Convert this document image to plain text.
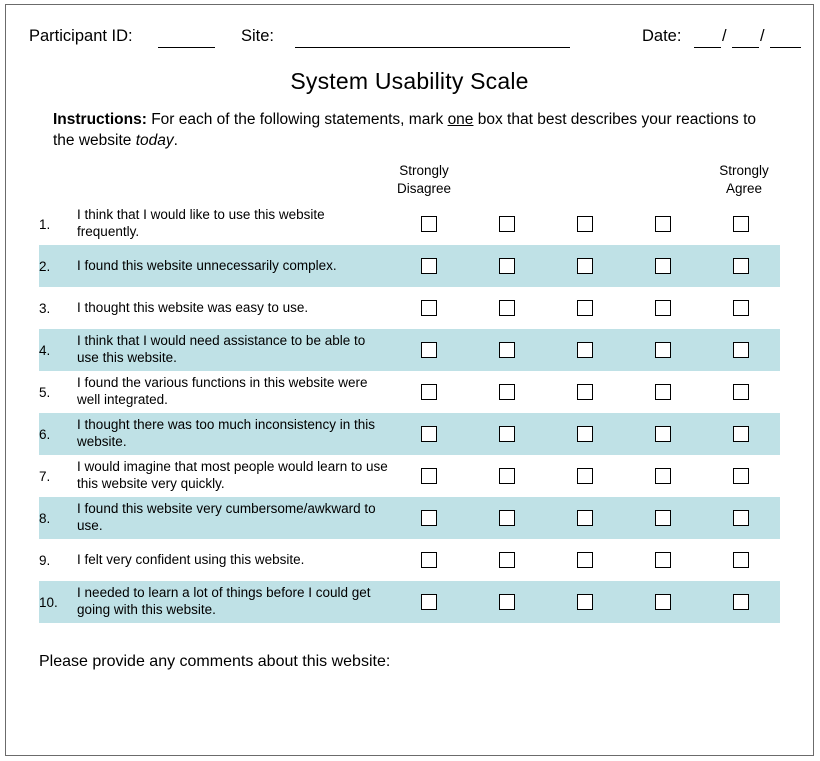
Participant ID:	Site:	Date: / /
System Usability Scale
Instructions: For each of the following statements, mark one box that best describes your reactions to the website today.
Strongly
Disagree
Strongly
Agree
1.	I think that I would like to use this website frequently.					
2.	I found this website unnecessarily complex.					
3.	I thought this website was easy to use.					
4.	I think that I would need assistance to be able to use this website.					
5.	I found the various functions in this website were well integrated.					
6.	I thought there was too much inconsistency in this website.					
7.	I would imagine that most people would learn to use this website very quickly.					
8.	I found this website very cumbersome/awkward to use.					
9.	I felt very confident using this website.					
10.	I needed to learn a lot of things before I could get going with this website.					
Please provide any comments about this website:
